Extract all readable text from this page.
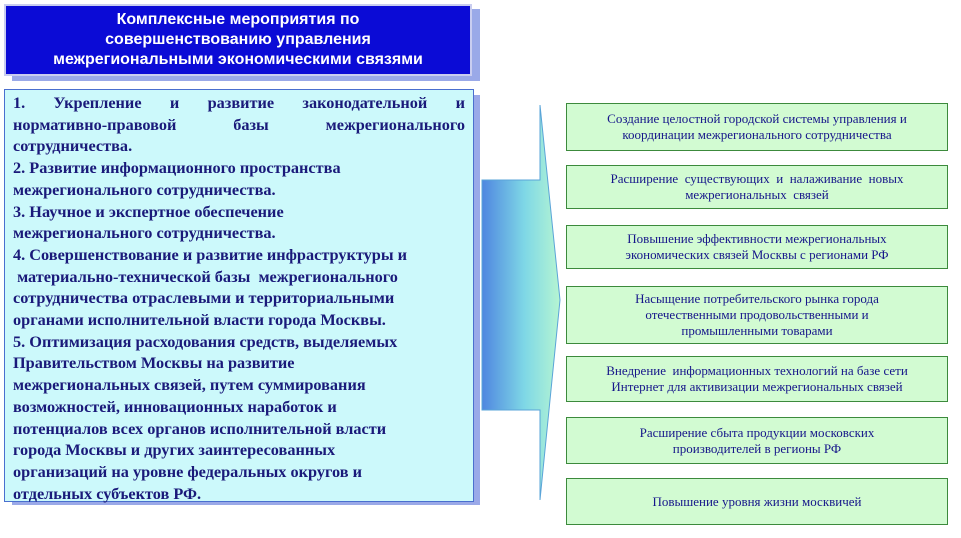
Комплексные мероприятия по
совершенствованию управления
межрегиональными экономическими связями
1. Укрепление и развитие законодательной и
нормативно-правовой базы межрегионального
сотрудничества.
2. Развитие информационного пространства
межрегионального сотрудничества.
3. Научное и экспертное обеспечение
межрегионального сотрудничества.
4. Совершенствование и развитие инфраструктуры и
материально-технической базы  межрегионального
сотрудничества отраслевыми и территориальными
органами исполнительной власти города Москвы.
5. Оптимизация расходования средств, выделяемых
Правительством Москвы на развитие
межрегиональных связей, путем суммирования
возможностей, инновационных наработок и
потенциалов всех органов исполнительной власти
города Москвы и других заинтересованных
организаций на уровне федеральных округов и
отдельных субъектов РФ.
Создание целостной городской системы управления и
координации межрегионального сотрудничества
Расширение  существующих  и  налаживание  новых
межрегиональных  связей
Повышение эффективности межрегиональных
экономических связей Москвы с регионами РФ
Насыщение потребительского рынка города
отечественными продовольственными и
промышленными товарами
Внедрение  информационных технологий на базе сети
Интернет для активизации межрегиональных связей
Расширение сбыта продукции московских
производителей в регионы РФ
Повышение уровня жизни москвичей
